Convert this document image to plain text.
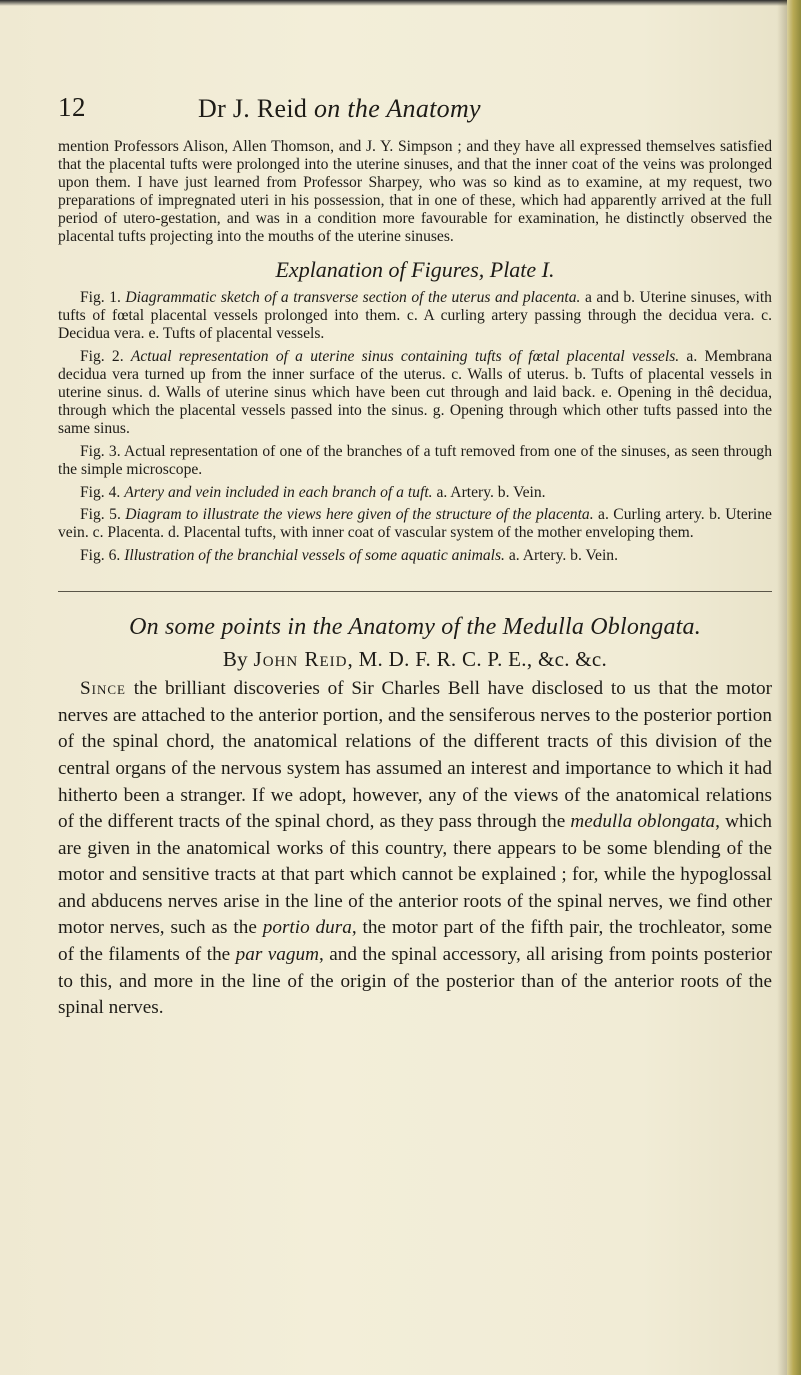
12	Dr J. Reid on the Anatomy

mention Professors Alison, Allen Thomson, and J. Y. Simpson ; and they have all expressed themselves satisfied that the placental tufts were prolonged into the uterine sinuses, and that the inner coat of the veins was prolonged upon them. I have just learned from Professor Sharpey, who was so kind as to examine, at my request, two preparations of impregnated uteri in his possession, that in one of these, which had apparently arrived at the full period of utero-gestation, and was in a condition more favourable for examination, he distinctly observed the placental tufts projecting into the mouths of the uterine sinuses.

Explanation of Figures, Plate I.

Fig. 1. Diagrammatic sketch of a transverse section of the uterus and placenta. a and b. Uterine sinuses, with tufts of fœtal placental vessels prolonged into them. c. A curling artery passing through the decidua vera. c. Decidua vera. e. Tufts of placental vessels.

Fig. 2. Actual representation of a uterine sinus containing tufts of fœtal placental vessels. a. Membrana decidua vera turned up from the inner surface of the uterus. c. Walls of uterus. b. Tufts of placental vessels in uterine sinus. d. Walls of uterine sinus which have been cut through and laid back. e. Opening in thê decidua, through which the placental vessels passed into the sinus. g. Opening through which other tufts passed into the same sinus.

Fig. 3. Actual representation of one of the branches of a tuft removed from one of the sinuses, as seen through the simple microscope.

Fig. 4. Artery and vein included in each branch of a tuft. a. Artery. b. Vein.

Fig. 5. Diagram to illustrate the views here given of the structure of the placenta. a. Curling artery. b. Uterine vein. c. Placenta. d. Placental tufts, with inner coat of vascular system of the mother enveloping them.

Fig. 6. Illustration of the branchial vessels of some aquatic animals. a. Artery. b. Vein.

On some points in the Anatomy of the Medulla Oblongata.
By John Reid, M. D. F. R. C. P. E., &c. &c.

Since the brilliant discoveries of Sir Charles Bell have disclosed to us that the motor nerves are attached to the anterior portion, and the sensiferous nerves to the posterior portion of the spinal chord, the anatomical relations of the different tracts of this division of the central organs of the nervous system has assumed an interest and importance to which it had hitherto been a stranger. If we adopt, however, any of the views of the anatomical relations of the different tracts of the spinal chord, as they pass through the medulla oblongata, which are given in the anatomical works of this country, there appears to be some blending of the motor and sensitive tracts at that part which cannot be explained ; for, while the hypoglossal and abducens nerves arise in the line of the anterior roots of the spinal nerves, we find other motor nerves, such as the portio dura, the motor part of the fifth pair, the trochleator, some of the filaments of the par vagum, and the spinal accessory, all arising from points posterior to this, and more in the line of the origin of the posterior than of the anterior roots of the spinal nerves.
